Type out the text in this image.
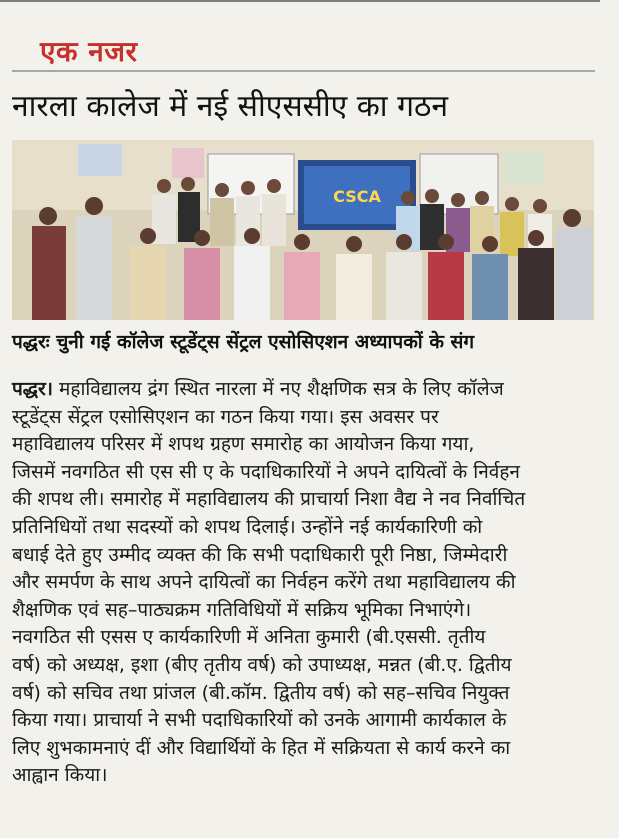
एक नजर
नारला कालेज में नई सीएससीए का गठन
CSCA
पद्धरः चुनी गई कॉलेज स्टूडेंट्स सेंट्रल एसोसिएशन अध्यापकों के संग
पद्धर। महाविद्यालय द्रंग स्थित नारला में नए शैक्षणिक सत्र के लिए कॉलेज
स्टूडेंट्स सेंट्रल एसोसिएशन का गठन किया गया। इस अवसर पर
महाविद्यालय परिसर में शपथ ग्रहण समारोह का आयोजन किया गया,
जिसमें नवगठित सी एस सी ए के पदाधिकारियों ने अपने दायित्वों के निर्वहन
की शपथ ली। समारोह में महाविद्यालय की प्राचार्या निशा वैद्य ने नव निर्वाचित
प्रतिनिधियों तथा सदस्यों को शपथ दिलाई। उन्होंने नई कार्यकारिणी को
बधाई देते हुए उम्मीद व्यक्त की कि सभी पदाधिकारी पूरी निष्ठा, जिम्मेदारी
और समर्पण के साथ अपने दायित्वों का निर्वहन करेंगे तथा महाविद्यालय की
शैक्षणिक एवं सह–पाठ्यक्रम गतिविधियों में सक्रिय भूमिका निभाएंगे।
नवगठित सी एसस ए कार्यकारिणी में अनिता कुमारी (बी.एससी. तृतीय
वर्ष) को अध्यक्ष, इशा (बीए तृतीय वर्ष) को उपाध्यक्ष, मन्नत (बी.ए. द्वितीय
वर्ष) को सचिव तथा प्रांजल (बी.कॉम. द्वितीय वर्ष) को सह–सचिव नियुक्त
किया गया। प्राचार्या ने सभी पदाधिकारियों को उनके आगामी कार्यकाल के
लिए शुभकामनाएं दीं और विद्यार्थियों के हित में सक्रियता से कार्य करने का
आह्वान किया।
